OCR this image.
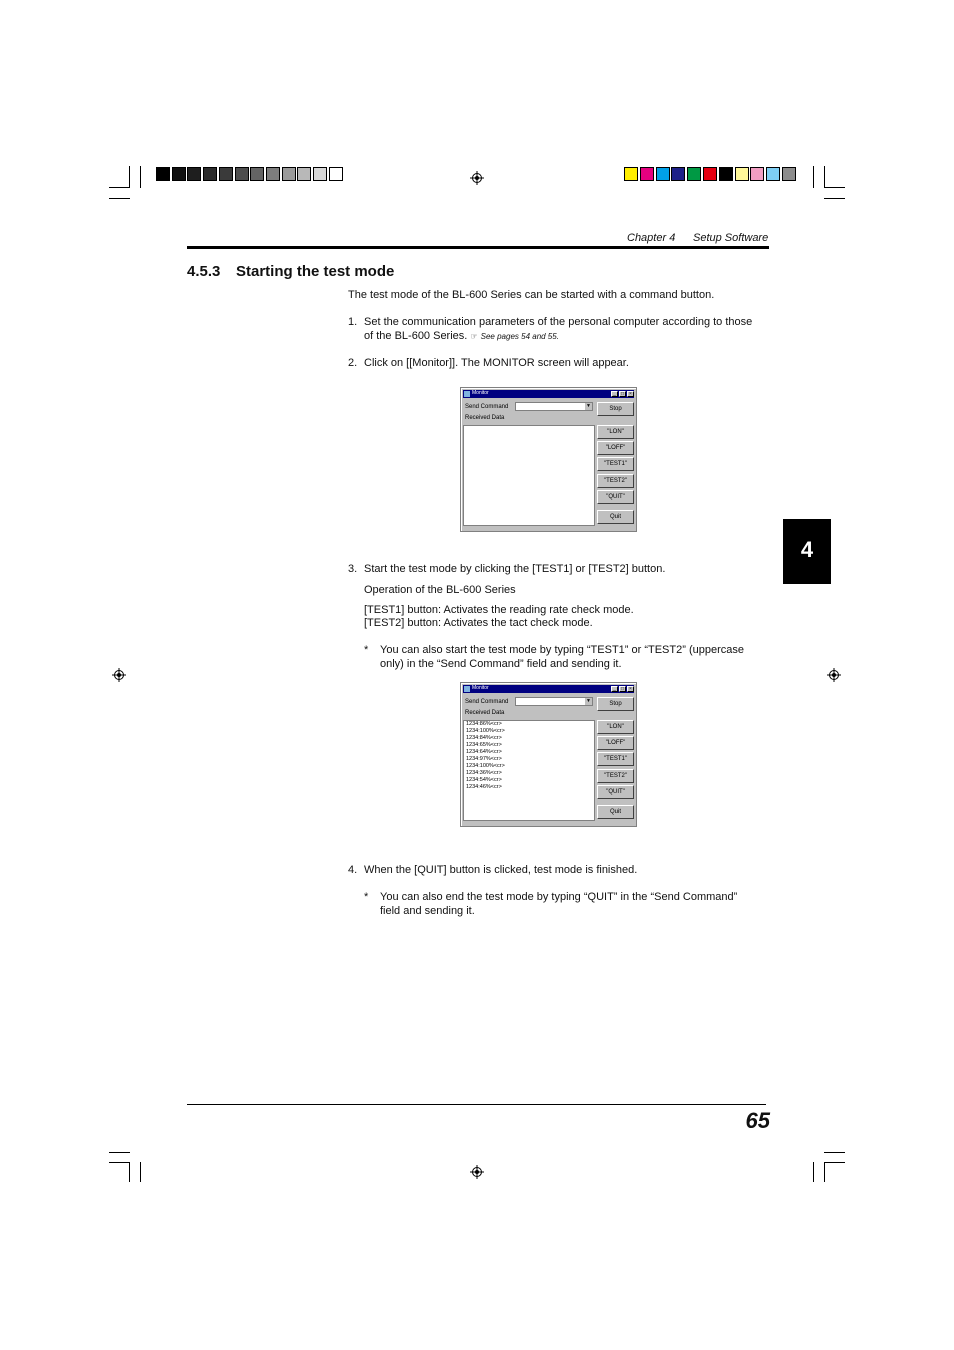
Chapter 4 Setup Software
4.5.3 Starting the test mode
The test mode of the BL-600 Series can be started with a command button.
1. Set the communication parameters of the personal computer according to those
of the BL-600 Series. ☞ See pages 54 and 55.
2. Click on [[Monitor]]. The MONITOR screen will appear.
Monitor	_	□	×
Send Command	▼
Received Data
Stop
"LON"
"LOFF"
"TEST1"
"TEST2"
"QUIT"
Quit
4
3. Start the test mode by clicking the [TEST1] or [TEST2] button.
Operation of the BL-600 Series
[TEST1] button: Activates the reading rate check mode.
[TEST2] button: Activates the tact check mode.
* You can also start the test mode by typing “TEST1” or “TEST2” (uppercase
only) in the “Send Command” field and sending it.
Monitor	_	□	×
Send Command	▼
Received Data
1234:86%<cr>
1234:100%<cr>
1234:84%<cr>
1234:65%<cr>
1234:64%<cr>
1234:97%<cr>
1234:100%<cr>
1234:36%<cr>
1234:54%<cr>
1234:46%<cr>
Stop
"LON"
"LOFF"
"TEST1"
"TEST2"
"QUIT"
Quit
4. When the [QUIT] button is clicked, test mode is finished.
* You can also end the test mode by typing “QUIT” in the “Send Command”
field and sending it.
65
